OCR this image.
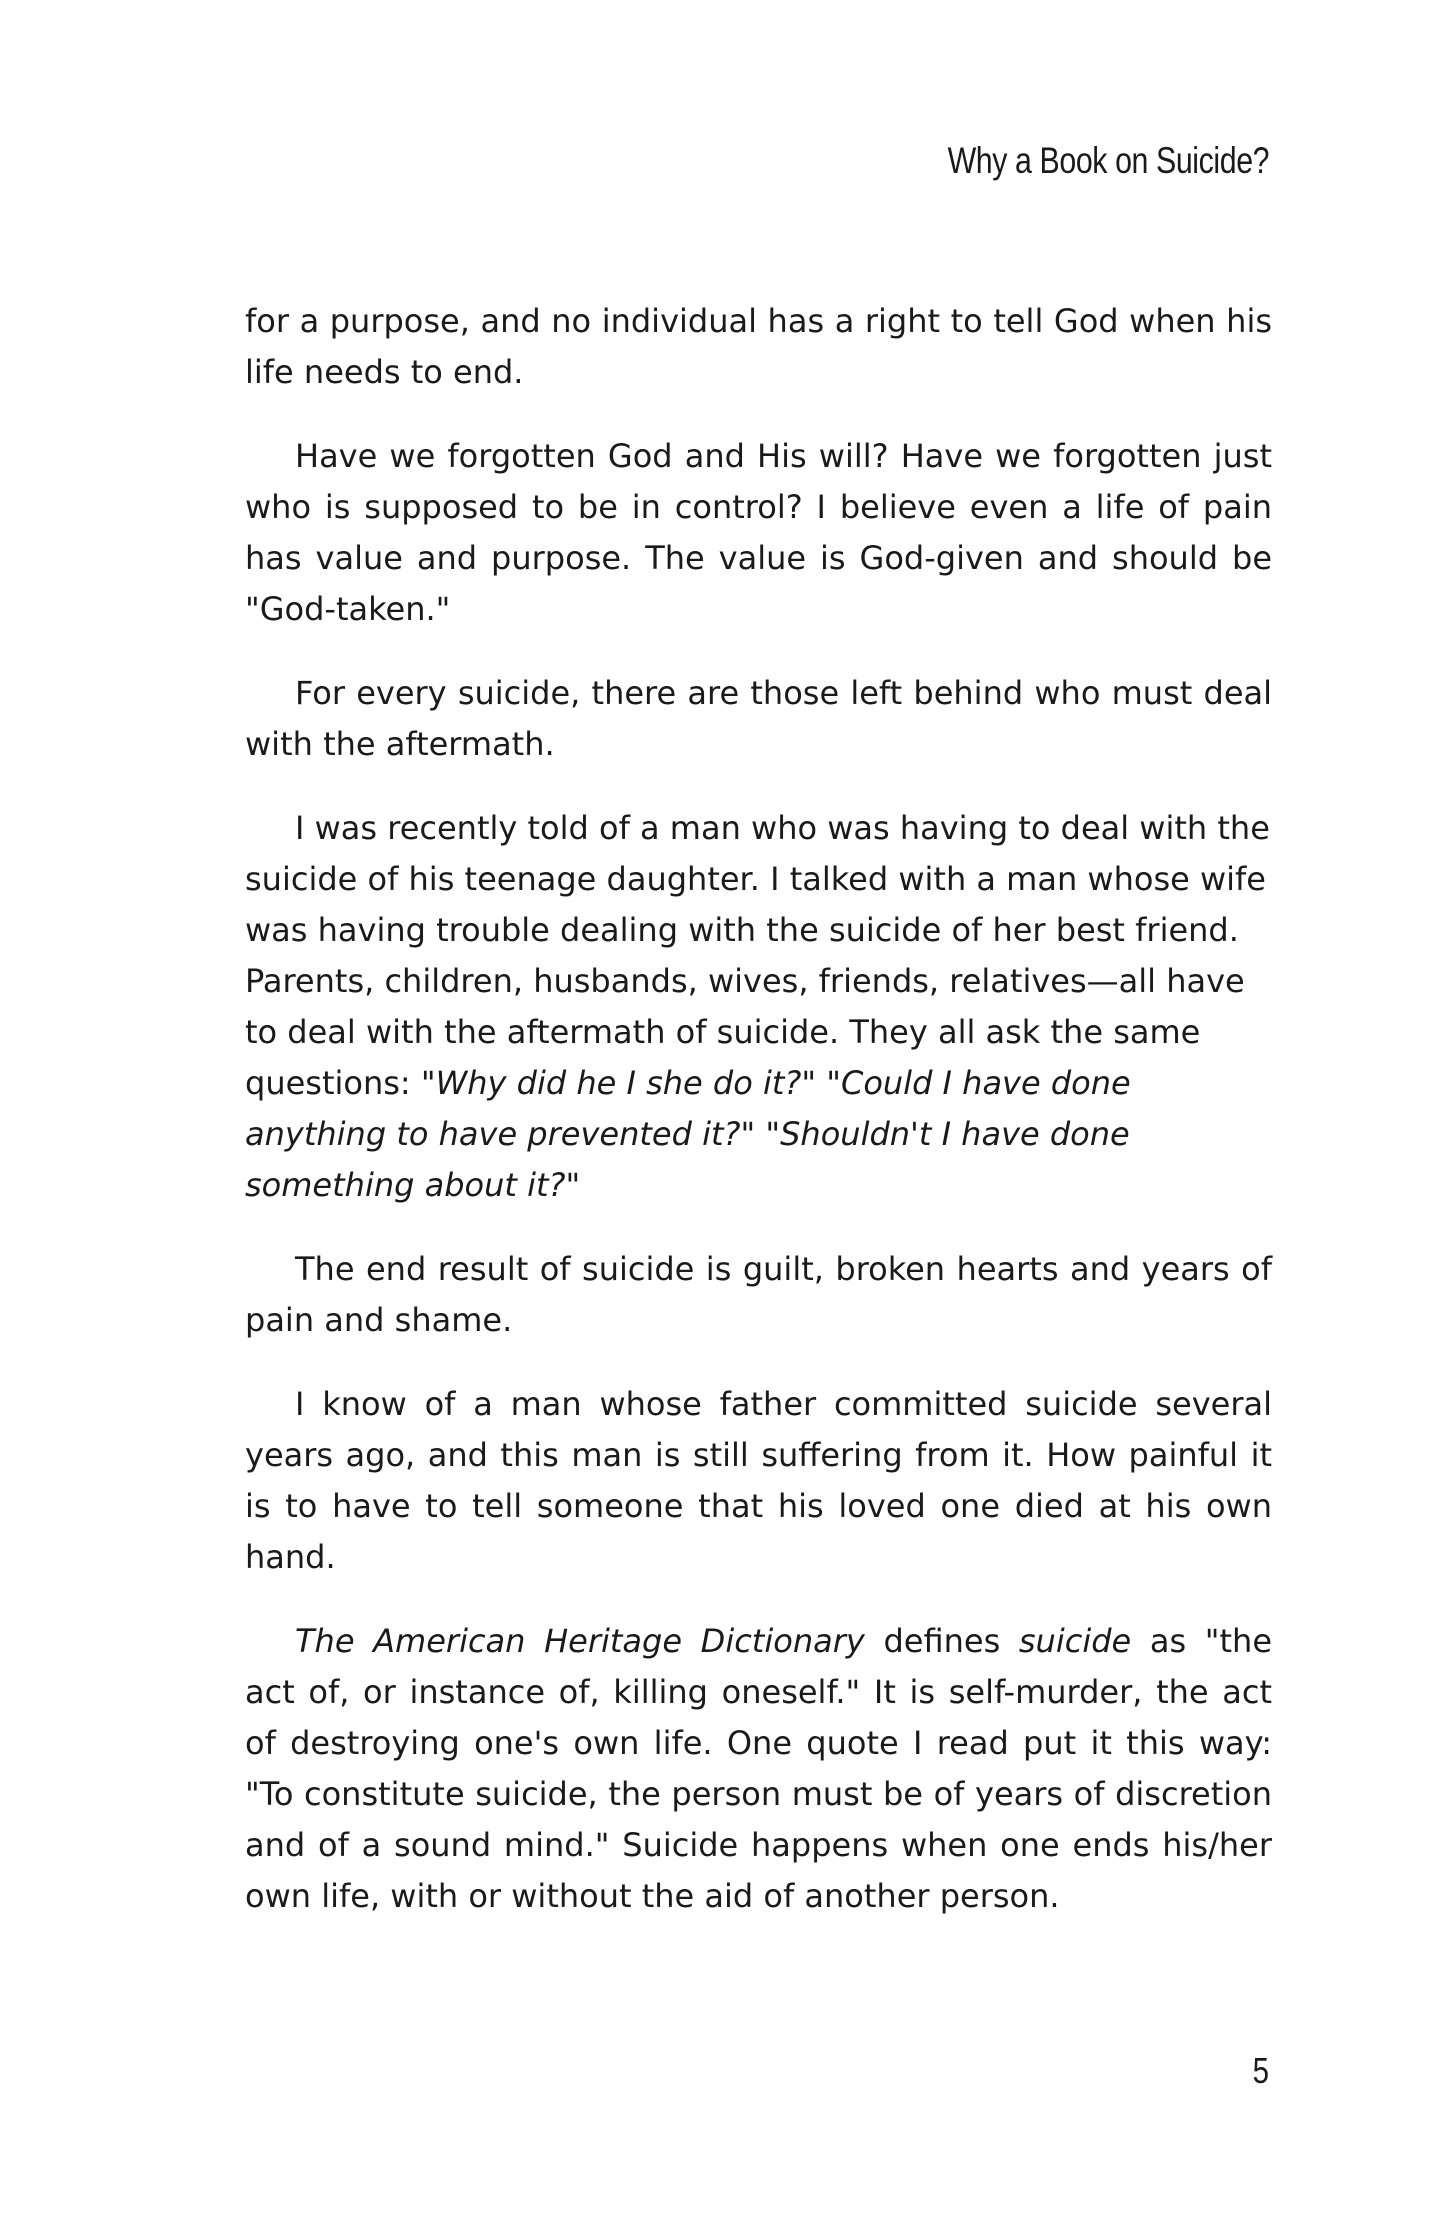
Why a Book on Suicide?

for a purpose, and no individual has a right to tell God when his life needs to end.

Have we forgotten God and His will? Have we forgotten just who is supposed to be in control? I believe even a life of pain has value and purpose. The value is God-given and should be "God-taken."

For every suicide, there are those left behind who must deal with the aftermath.

I was recently told of a man who was having to deal with the suicide of his teenage daughter. I talked with a man whose wife was having trouble dealing with the suicide of her best friend. Parents, children, husbands, wives, friends, relatives—all have to deal with the aftermath of suicide. They all ask the same questions: "Why did he I she do it?" "Could I have done anything to have prevented it?" "Shouldn't I have done something about it?"

The end result of suicide is guilt, broken hearts and years of pain and shame.

I know of a man whose father committed suicide several years ago, and this man is still suffering from it. How painful it is to have to tell someone that his loved one died at his own hand.

The American Heritage Dictionary defines suicide as "the act of, or instance of, killing oneself." It is self-murder, the act of destroying one's own life. One quote I read put it this way: "To constitute suicide, the person must be of years of discretion and of a sound mind." Suicide happens when one ends his/her own life, with or without the aid of another person.

5
